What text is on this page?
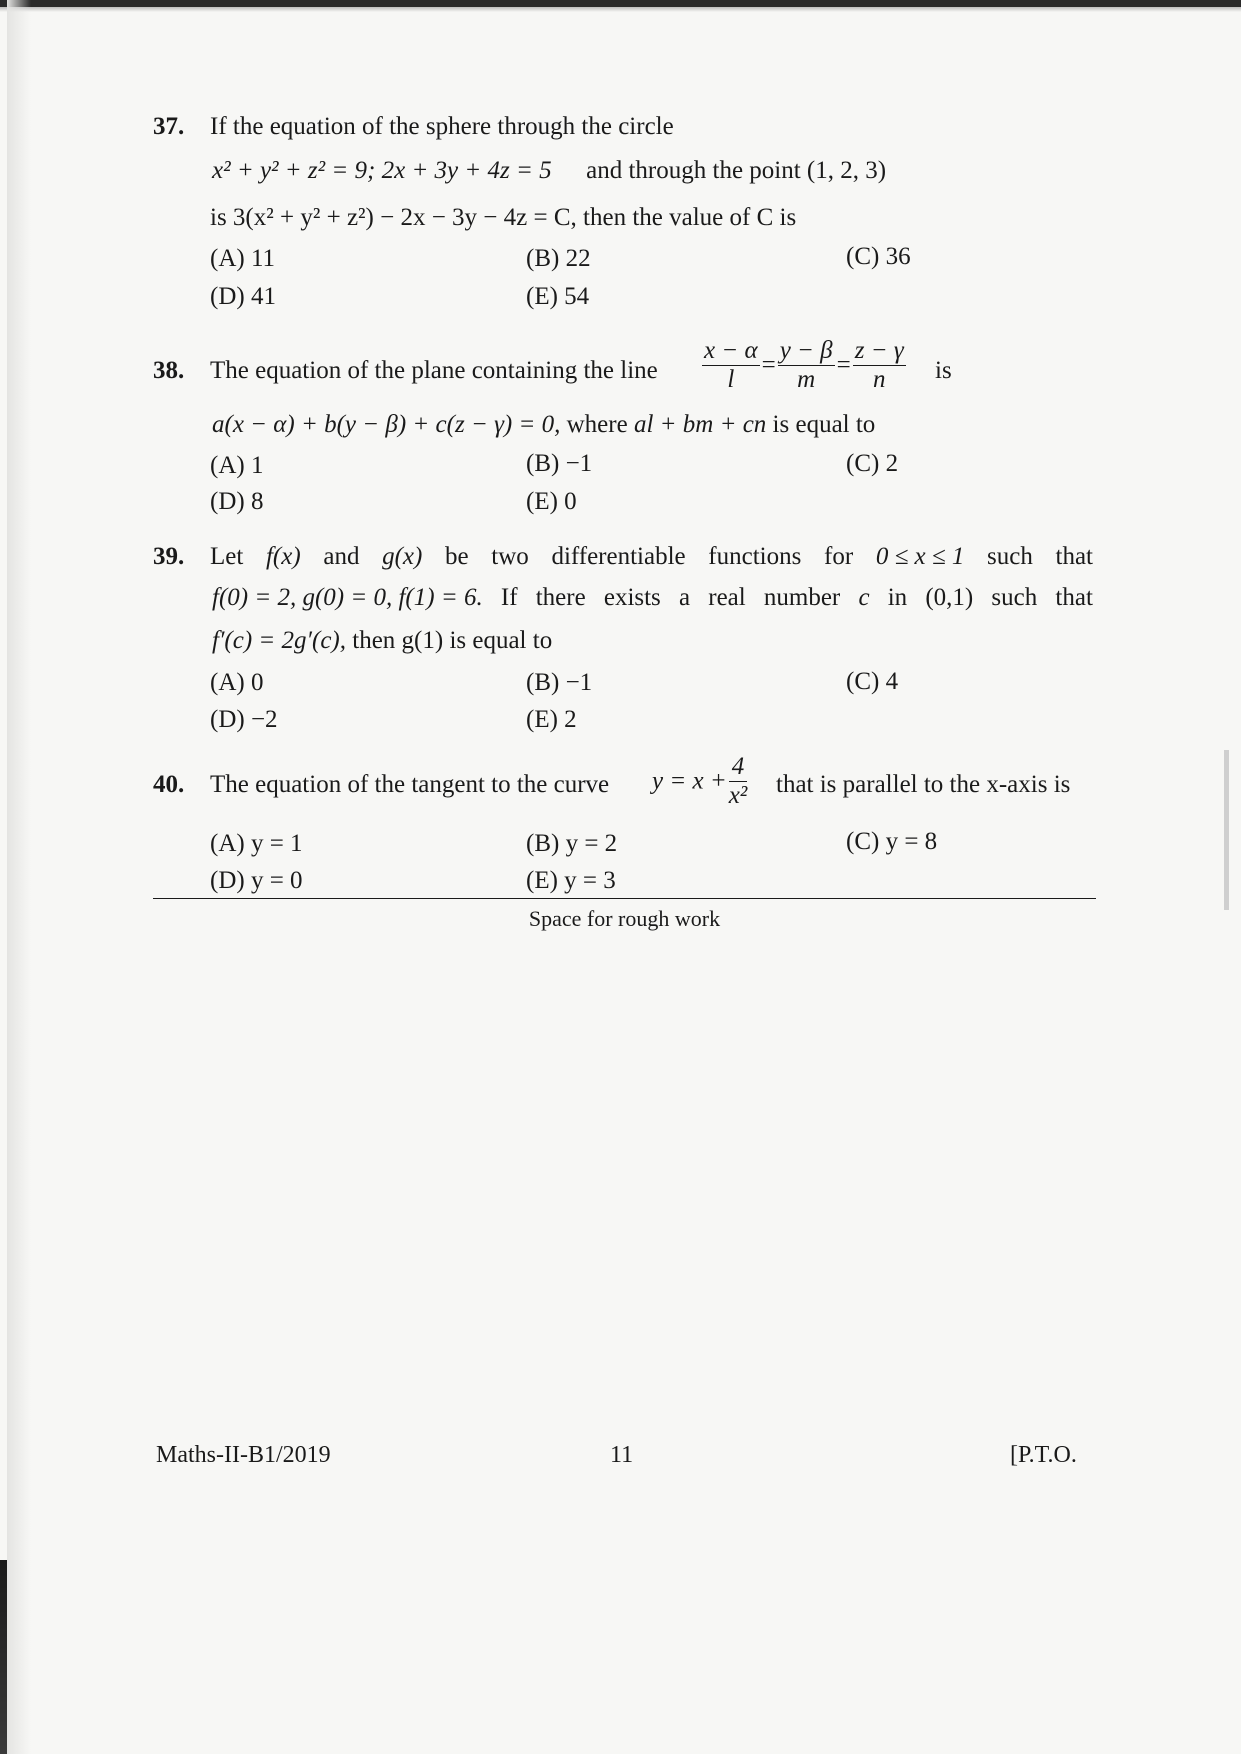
37. If the equation of the sphere through the circle
x² + y² + z² = 9; 2x + 3y + 4z = 5 and through the point (1, 2, 3)
is 3(x² + y² + z²) − 2x − 3y − 4z = C, then the value of C is
(A) 11	(B) 22	(C) 36
(D) 41	(E) 54
38. The equation of the plane containing the line $\frac{x - \alpha}{l} = \frac{y - \beta}{m} = \frac{z - \gamma}{n}$ is
a(x − α) + b(y − β) + c(z − γ) = 0, where al + bm + cn is equal to
(A) 1	(B) −1	(C) 2
(D) 8	(E) 0
39. Let f(x) and g(x) be two differentiable functions for 0 ≤ x ≤ 1 such that
f(0) = 2, g(0) = 0, f(1) = 6. If there exists a real number c in (0,1) such that
f′(c) = 2g′(c), then g(1) is equal to
(A) 0	(B) −1	(C) 4
(D) −2	(E) 2
40. The equation of the tangent to the curve $y = x + \frac{4}{\text{x²}}$ that is parallel to the x-axis is
(A) y = 1	(B) y = 2	(C) y = 8
(D) y = 0	(E) y = 3
Space for rough work
Maths-II-B1/2019	11	[P.T.O.
